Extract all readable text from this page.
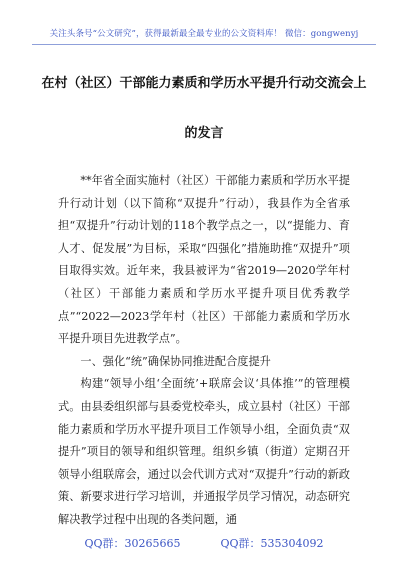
关注头条号“公文研究”，获得最新最全最专业的公文资料库！ 微信：gongwenyj
在村（社区）干部能力素质和学历水平提升行动交流会上
的发言

**年省全面实施村（社区）干部能力素质和学历水平提升行动计划（以下简称“双提升”行动），我县作为全省承担“双提升”行动计划的118个教学点之一，以“提能力、育人才、促发展”为目标，采取“四强化”措施助推“双提升”项目取得实效。近年来，我县被评为“省2019—2020学年村（社区）干部能力素质和学历水平提升项目优秀教学点”“2022—2023学年村（社区）干部能力素质和学历水平提升项目先进教学点”。

一、强化“统”确保协同推进配合度提升

构建“领导小组‘全面统’+联席会议‘具体推’”的管理模式。由县委组织部与县委党校牵头，成立县村（社区）干部能力素质和学历水平提升项目工作领导小组，全面负责“双提升”项目的领导和组织管理。组织乡镇（街道）定期召开领导小组联席会，通过以会代训方式对“双提升”行动的新政策、新要求进行学习培训，并通报学员学习情况，动态研究解决教学过程中出现的各类问题，通

QQ群：30265665	QQ群：535304092
